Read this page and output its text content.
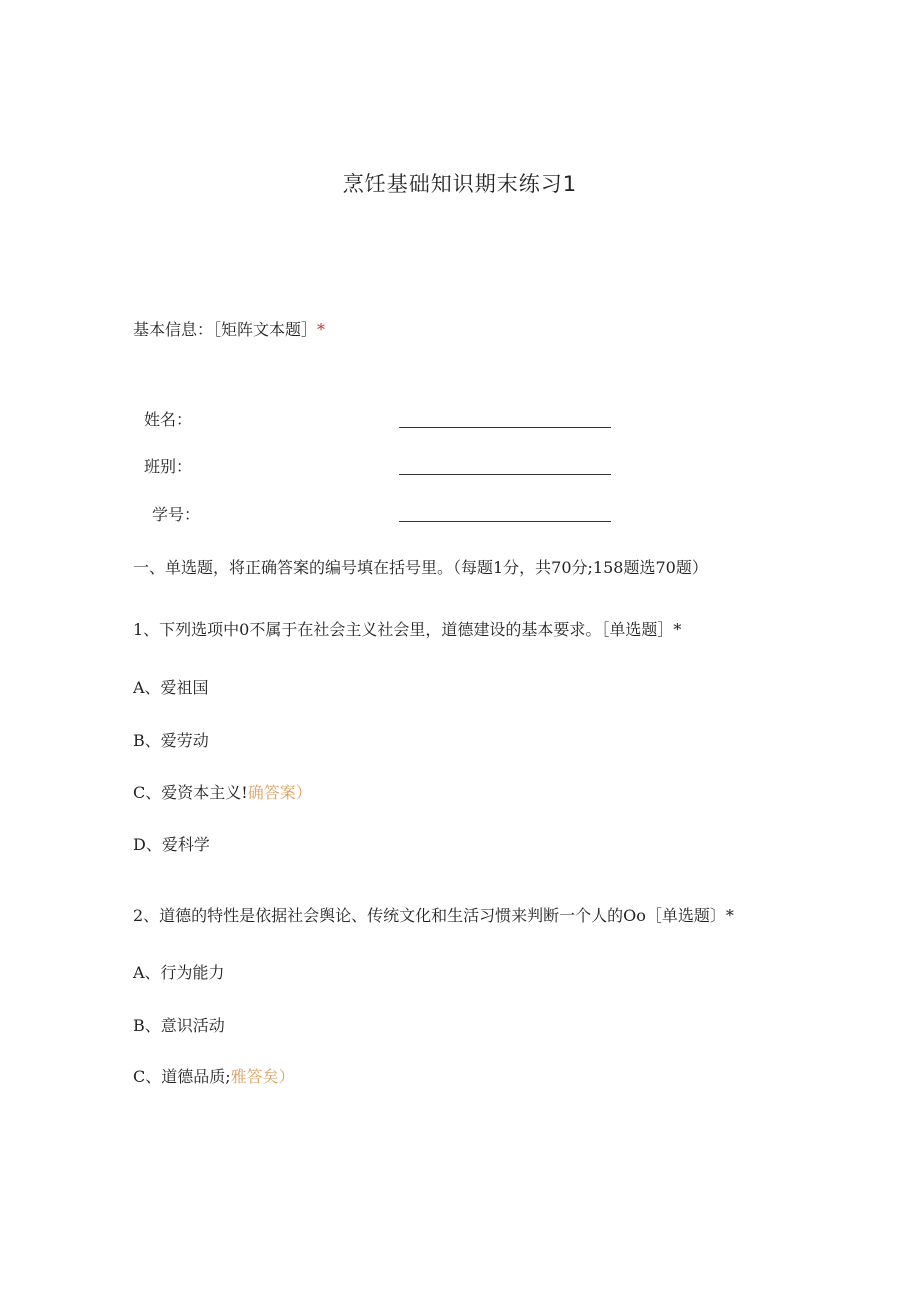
烹饪基础知识期末练习1
基本信息：［矩阵文本题］*
姓名：
班别：
学号：
一、单选题，将正确答案的编号填在括号里。（每题1分，共70分;158题选70题）
1、下列选项中0不属于在社会主义社会里，道德建设的基本要求。［单选题］*
A、爱祖国
B、爱劳动
C、爱资本主义!确答案）
D、爱科学
2、道德的特性是依据社会舆论、传统文化和生活习惯来判断一个人的Oo［单选题〕*
A、行为能力
B、意识活动
C、道德品质;雅答矣）
